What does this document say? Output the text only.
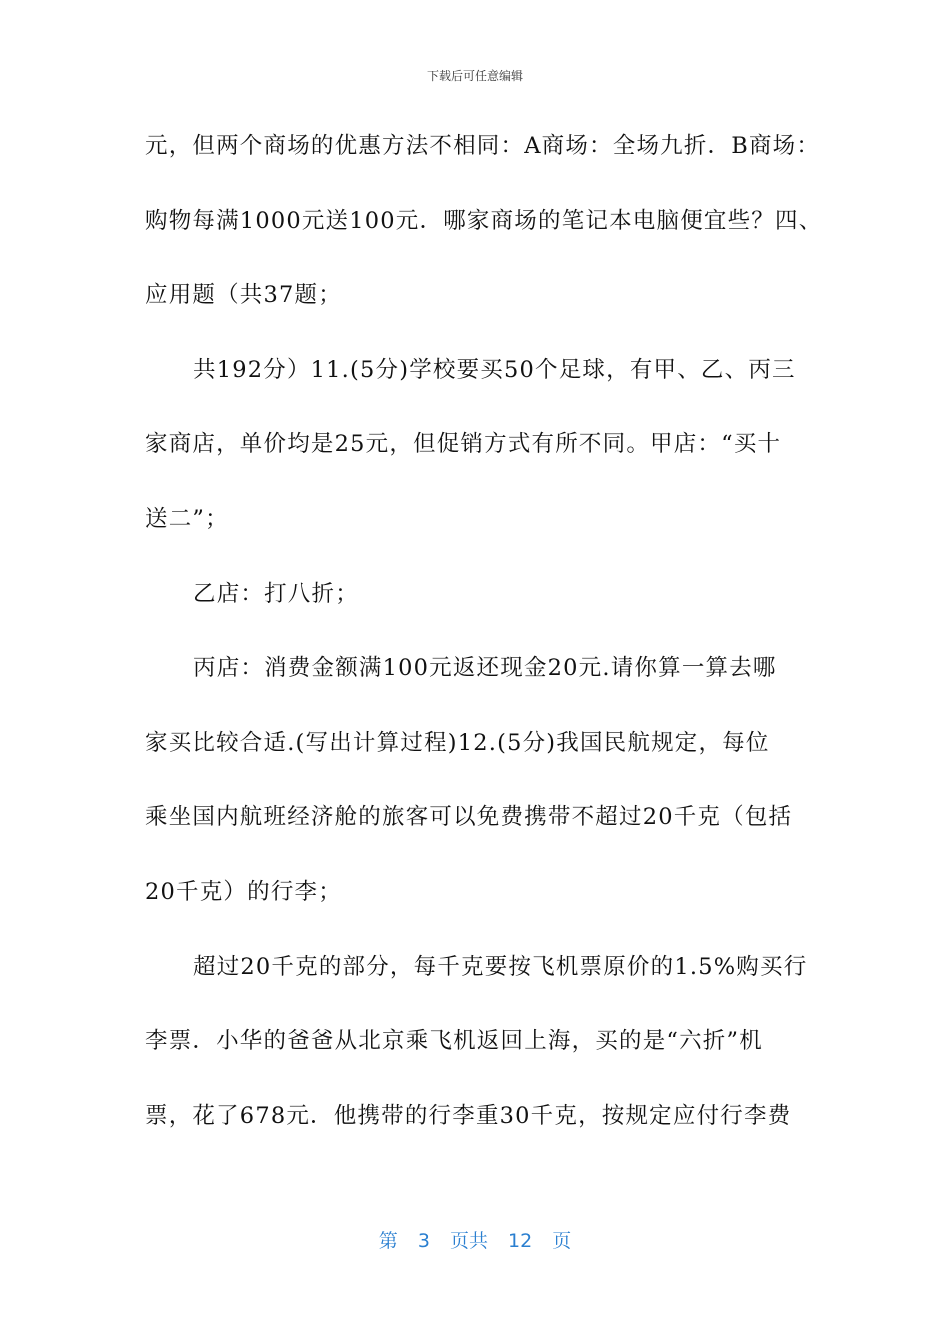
下载后可任意编辑
元，但两个商场的优惠方法不相同：A商场：全场九折．B商场：
购物每满1000元送100元．哪家商场的笔记本电脑便宜些？四、
应用题（共37题；
共192分）11.(5分)学校要买50个足球，有甲、乙、丙三
家商店，单价均是25元，但促销方式有所不同。甲店：“买十
送二”；
乙店：打八折；
丙店：消费金额满100元返还现金20元.请你算一算去哪
家买比较合适.(写出计算过程)12.(5分)我国民航规定，每位
乘坐国内航班经济舱的旅客可以免费携带不超过20千克（包括
20千克）的行李；
超过20千克的部分，每千克要按飞机票原价的1.5%购买行
李票．小华的爸爸从北京乘飞机返回上海，买的是“六折”机
票，花了678元．他携带的行李重30千克，按规定应付行李费
第 3 页共 12 页
